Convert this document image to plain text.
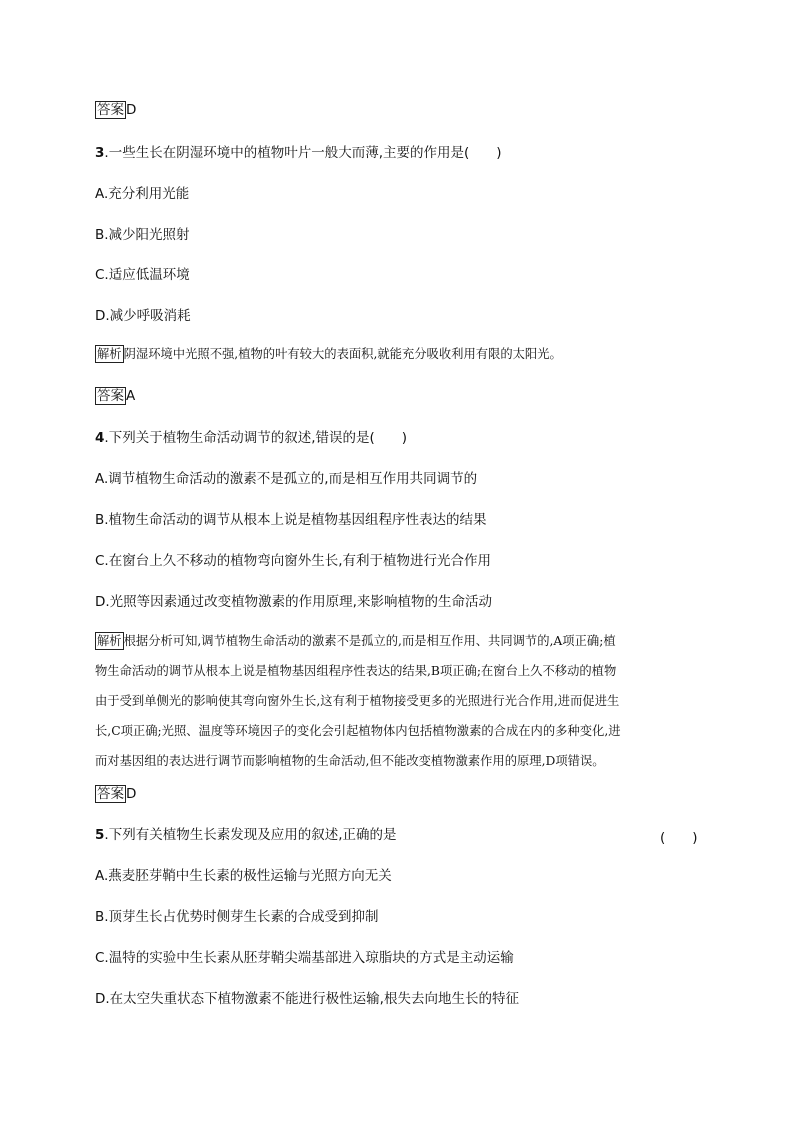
答案 D
3.一些生长在阴湿环境中的植物叶片一般大而薄,主要的作用是(　　)
A.充分利用光能
B.减少阳光照射
C.适应低温环境
D.减少呼吸消耗
解析 阴湿环境中光照不强,植物的叶有较大的表面积,就能充分吸收利用有限的太阳光。
答案 A
4.下列关于植物生命活动调节的叙述,错误的是(　　)
A.调节植物生命活动的激素不是孤立的,而是相互作用共同调节的
B.植物生命活动的调节从根本上说是植物基因组程序性表达的结果
C.在窗台上久不移动的植物弯向窗外生长,有利于植物进行光合作用
D.光照等因素通过改变植物激素的作用原理,来影响植物的生命活动
解析 根据分析可知,调节植物生命活动的激素不是孤立的,而是相互作用、共同调节的,A项正确;植
物生命活动的调节从根本上说是植物基因组程序性表达的结果,B项正确;在窗台上久不移动的植物
由于受到单侧光的影响使其弯向窗外生长,这有利于植物接受更多的光照进行光合作用,进而促进生
长,C项正确;光照、温度等环境因子的变化会引起植物体内包括植物激素的合成在内的多种变化,进
而对基因组的表达进行调节而影响植物的生命活动,但不能改变植物激素作用的原理,D项错误。
答案 D
5.下列有关植物生长素发现及应用的叙述,正确的是	(　　)
A.燕麦胚芽鞘中生长素的极性运输与光照方向无关
B.顶芽生长占优势时侧芽生长素的合成受到抑制
C.温特的实验中生长素从胚芽鞘尖端基部进入琼脂块的方式是主动运输
D.在太空失重状态下植物激素不能进行极性运输,根失去向地生长的特征
